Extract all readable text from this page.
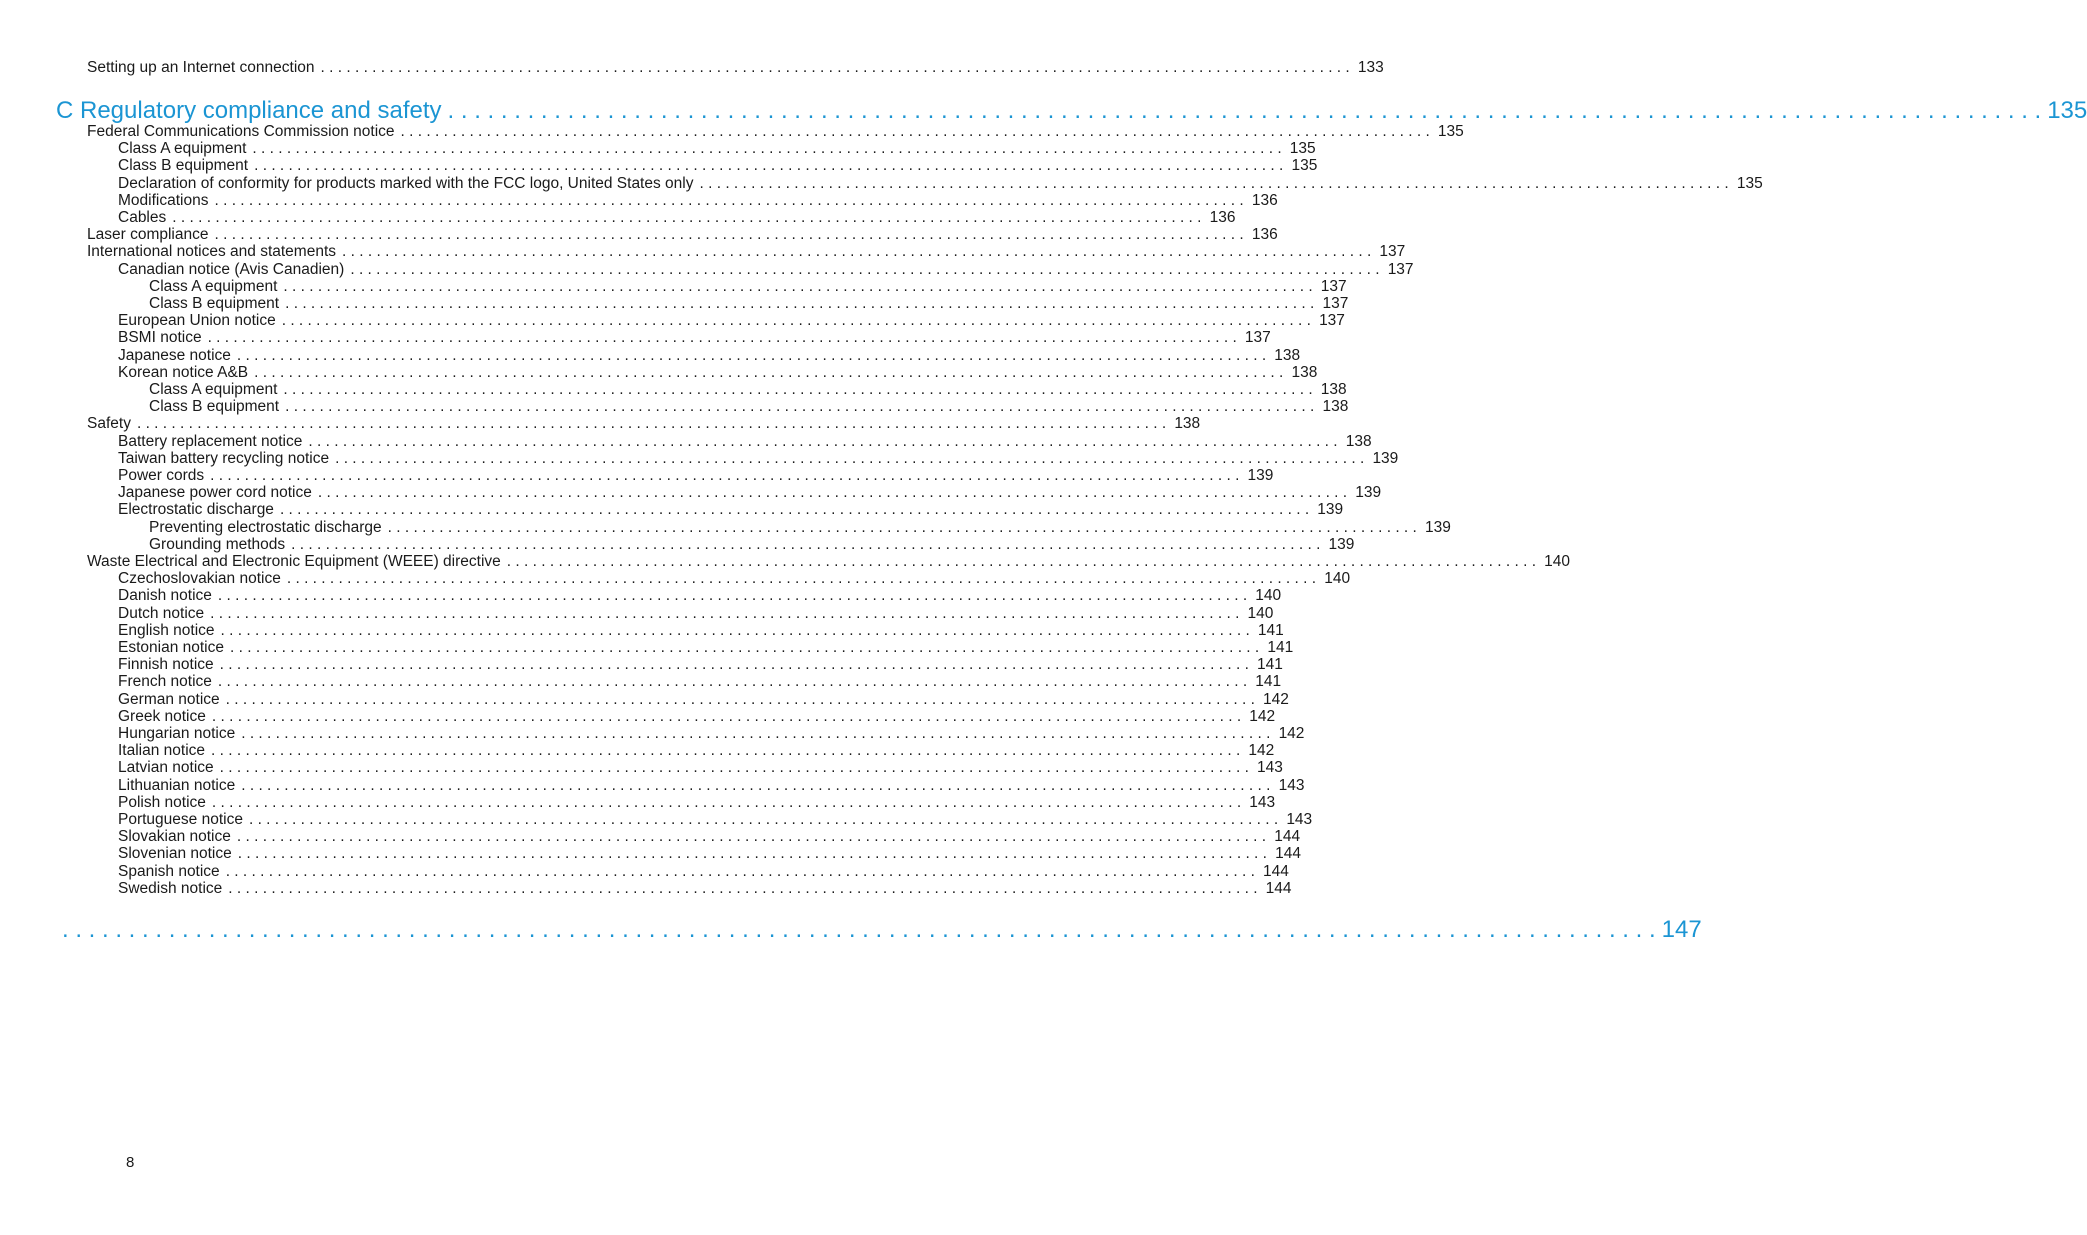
Setting up an Internet connection . . . . . . . . . . . . . . . . . . . . . . . . . . . . . . . . . . . . . . . . . . . . . . . . . . . . . . . . . . . . . . . . . . . . . . . . . . . . . . . . . . . . . . . . . . . . . . . . . . . . . . . . . . . . . . . . . . . . . . . . 133
C Regulatory compliance and safety . . . . . . . . . . . . . . . . . . . . . . . . . . . . . . . . . . . . . . . . . . . . . . . . . . . . . . . . . . . . . . . . . . . . . . . . . . . . . . . . . . . . . . . . . . . . . . . . . . . . . . . . . . . . . . . . . . . . . . . . 135
Federal Communications Commission notice . . . . . . . . . . . . . . . . . . . . . . . . . . . . . . . . . . . . . . . . . . . . . . . . . . . . . . . . . . . . . . . . . . . . . . . . . . . . . . . . . . . . . . . . . . . . . . . . . . . . . . . . . . . . . . . . . . . . . . . . 135
Class A equipment . . . . . . . . . . . . . . . . . . . . . . . . . . . . . . . . . . . . . . . . . . . . . . . . . . . . . . . . . . . . . . . . . . . . . . . . . . . . . . . . . . . . . . . . . . . . . . . . . . . . . . . . . . . . . . . . . . . . . . . . 135
Class B equipment . . . . . . . . . . . . . . . . . . . . . . . . . . . . . . . . . . . . . . . . . . . . . . . . . . . . . . . . . . . . . . . . . . . . . . . . . . . . . . . . . . . . . . . . . . . . . . . . . . . . . . . . . . . . . . . . . . . . . . . . 135
Declaration of conformity for products marked with the FCC logo, United States only . . . . . . . . . . . . . . . . . . . . . . . . . . . . . . . . . . . . . . . . . . . . . . . . . . . . . . . . . . . . . . . . . . . . . . . . . . . . . . . . . . . . . . . . . . . . . . . . . . . . . . . . . . . . . . . . . . . . . . . . 135
Modifications . . . . . . . . . . . . . . . . . . . . . . . . . . . . . . . . . . . . . . . . . . . . . . . . . . . . . . . . . . . . . . . . . . . . . . . . . . . . . . . . . . . . . . . . . . . . . . . . . . . . . . . . . . . . . . . . . . . . . . . . 136
Cables . . . . . . . . . . . . . . . . . . . . . . . . . . . . . . . . . . . . . . . . . . . . . . . . . . . . . . . . . . . . . . . . . . . . . . . . . . . . . . . . . . . . . . . . . . . . . . . . . . . . . . . . . . . . . . . . . . . . . . . . 136
Laser compliance . . . . . . . . . . . . . . . . . . . . . . . . . . . . . . . . . . . . . . . . . . . . . . . . . . . . . . . . . . . . . . . . . . . . . . . . . . . . . . . . . . . . . . . . . . . . . . . . . . . . . . . . . . . . . . . . . . . . . . . . 136
International notices and statements . . . . . . . . . . . . . . . . . . . . . . . . . . . . . . . . . . . . . . . . . . . . . . . . . . . . . . . . . . . . . . . . . . . . . . . . . . . . . . . . . . . . . . . . . . . . . . . . . . . . . . . . . . . . . . . . . . . . . . . . 137
Canadian notice (Avis Canadien) . . . . . . . . . . . . . . . . . . . . . . . . . . . . . . . . . . . . . . . . . . . . . . . . . . . . . . . . . . . . . . . . . . . . . . . . . . . . . . . . . . . . . . . . . . . . . . . . . . . . . . . . . . . . . . . . . . . . . . . . 137
Class A equipment . . . . . . . . . . . . . . . . . . . . . . . . . . . . . . . . . . . . . . . . . . . . . . . . . . . . . . . . . . . . . . . . . . . . . . . . . . . . . . . . . . . . . . . . . . . . . . . . . . . . . . . . . . . . . . . . . . . . . . . . 137
Class B equipment . . . . . . . . . . . . . . . . . . . . . . . . . . . . . . . . . . . . . . . . . . . . . . . . . . . . . . . . . . . . . . . . . . . . . . . . . . . . . . . . . . . . . . . . . . . . . . . . . . . . . . . . . . . . . . . . . . . . . . . . 137
European Union notice . . . . . . . . . . . . . . . . . . . . . . . . . . . . . . . . . . . . . . . . . . . . . . . . . . . . . . . . . . . . . . . . . . . . . . . . . . . . . . . . . . . . . . . . . . . . . . . . . . . . . . . . . . . . . . . . . . . . . . . . 137
BSMI notice . . . . . . . . . . . . . . . . . . . . . . . . . . . . . . . . . . . . . . . . . . . . . . . . . . . . . . . . . . . . . . . . . . . . . . . . . . . . . . . . . . . . . . . . . . . . . . . . . . . . . . . . . . . . . . . . . . . . . . . . 137
Japanese notice . . . . . . . . . . . . . . . . . . . . . . . . . . . . . . . . . . . . . . . . . . . . . . . . . . . . . . . . . . . . . . . . . . . . . . . . . . . . . . . . . . . . . . . . . . . . . . . . . . . . . . . . . . . . . . . . . . . . . . . . 138
Korean notice A&B . . . . . . . . . . . . . . . . . . . . . . . . . . . . . . . . . . . . . . . . . . . . . . . . . . . . . . . . . . . . . . . . . . . . . . . . . . . . . . . . . . . . . . . . . . . . . . . . . . . . . . . . . . . . . . . . . . . . . . . . 138
Class A equipment . . . . . . . . . . . . . . . . . . . . . . . . . . . . . . . . . . . . . . . . . . . . . . . . . . . . . . . . . . . . . . . . . . . . . . . . . . . . . . . . . . . . . . . . . . . . . . . . . . . . . . . . . . . . . . . . . . . . . . . . 138
Class B equipment . . . . . . . . . . . . . . . . . . . . . . . . . . . . . . . . . . . . . . . . . . . . . . . . . . . . . . . . . . . . . . . . . . . . . . . . . . . . . . . . . . . . . . . . . . . . . . . . . . . . . . . . . . . . . . . . . . . . . . . . 138
Safety . . . . . . . . . . . . . . . . . . . . . . . . . . . . . . . . . . . . . . . . . . . . . . . . . . . . . . . . . . . . . . . . . . . . . . . . . . . . . . . . . . . . . . . . . . . . . . . . . . . . . . . . . . . . . . . . . . . . . . . . 138
Battery replacement notice . . . . . . . . . . . . . . . . . . . . . . . . . . . . . . . . . . . . . . . . . . . . . . . . . . . . . . . . . . . . . . . . . . . . . . . . . . . . . . . . . . . . . . . . . . . . . . . . . . . . . . . . . . . . . . . . . . . . . . . . 138
Taiwan battery recycling notice . . . . . . . . . . . . . . . . . . . . . . . . . . . . . . . . . . . . . . . . . . . . . . . . . . . . . . . . . . . . . . . . . . . . . . . . . . . . . . . . . . . . . . . . . . . . . . . . . . . . . . . . . . . . . . . . . . . . . . . . 139
Power cords . . . . . . . . . . . . . . . . . . . . . . . . . . . . . . . . . . . . . . . . . . . . . . . . . . . . . . . . . . . . . . . . . . . . . . . . . . . . . . . . . . . . . . . . . . . . . . . . . . . . . . . . . . . . . . . . . . . . . . . . 139
Japanese power cord notice . . . . . . . . . . . . . . . . . . . . . . . . . . . . . . . . . . . . . . . . . . . . . . . . . . . . . . . . . . . . . . . . . . . . . . . . . . . . . . . . . . . . . . . . . . . . . . . . . . . . . . . . . . . . . . . . . . . . . . . . 139
Electrostatic discharge . . . . . . . . . . . . . . . . . . . . . . . . . . . . . . . . . . . . . . . . . . . . . . . . . . . . . . . . . . . . . . . . . . . . . . . . . . . . . . . . . . . . . . . . . . . . . . . . . . . . . . . . . . . . . . . . . . . . . . . . 139
Preventing electrostatic discharge . . . . . . . . . . . . . . . . . . . . . . . . . . . . . . . . . . . . . . . . . . . . . . . . . . . . . . . . . . . . . . . . . . . . . . . . . . . . . . . . . . . . . . . . . . . . . . . . . . . . . . . . . . . . . . . . . . . . . . . . 139
Grounding methods . . . . . . . . . . . . . . . . . . . . . . . . . . . . . . . . . . . . . . . . . . . . . . . . . . . . . . . . . . . . . . . . . . . . . . . . . . . . . . . . . . . . . . . . . . . . . . . . . . . . . . . . . . . . . . . . . . . . . . . . 139
Waste Electrical and Electronic Equipment (WEEE) directive . . . . . . . . . . . . . . . . . . . . . . . . . . . . . . . . . . . . . . . . . . . . . . . . . . . . . . . . . . . . . . . . . . . . . . . . . . . . . . . . . . . . . . . . . . . . . . . . . . . . . . . . . . . . . . . . . . . . . . . . 140
Czechoslovakian notice . . . . . . . . . . . . . . . . . . . . . . . . . . . . . . . . . . . . . . . . . . . . . . . . . . . . . . . . . . . . . . . . . . . . . . . . . . . . . . . . . . . . . . . . . . . . . . . . . . . . . . . . . . . . . . . . . . . . . . . . 140
Danish notice . . . . . . . . . . . . . . . . . . . . . . . . . . . . . . . . . . . . . . . . . . . . . . . . . . . . . . . . . . . . . . . . . . . . . . . . . . . . . . . . . . . . . . . . . . . . . . . . . . . . . . . . . . . . . . . . . . . . . . . . 140
Dutch notice . . . . . . . . . . . . . . . . . . . . . . . . . . . . . . . . . . . . . . . . . . . . . . . . . . . . . . . . . . . . . . . . . . . . . . . . . . . . . . . . . . . . . . . . . . . . . . . . . . . . . . . . . . . . . . . . . . . . . . . . 140
English notice . . . . . . . . . . . . . . . . . . . . . . . . . . . . . . . . . . . . . . . . . . . . . . . . . . . . . . . . . . . . . . . . . . . . . . . . . . . . . . . . . . . . . . . . . . . . . . . . . . . . . . . . . . . . . . . . . . . . . . . . 141
Estonian notice . . . . . . . . . . . . . . . . . . . . . . . . . . . . . . . . . . . . . . . . . . . . . . . . . . . . . . . . . . . . . . . . . . . . . . . . . . . . . . . . . . . . . . . . . . . . . . . . . . . . . . . . . . . . . . . . . . . . . . . . 141
Finnish notice . . . . . . . . . . . . . . . . . . . . . . . . . . . . . . . . . . . . . . . . . . . . . . . . . . . . . . . . . . . . . . . . . . . . . . . . . . . . . . . . . . . . . . . . . . . . . . . . . . . . . . . . . . . . . . . . . . . . . . . . 141
French notice . . . . . . . . . . . . . . . . . . . . . . . . . . . . . . . . . . . . . . . . . . . . . . . . . . . . . . . . . . . . . . . . . . . . . . . . . . . . . . . . . . . . . . . . . . . . . . . . . . . . . . . . . . . . . . . . . . . . . . . . 141
German notice . . . . . . . . . . . . . . . . . . . . . . . . . . . . . . . . . . . . . . . . . . . . . . . . . . . . . . . . . . . . . . . . . . . . . . . . . . . . . . . . . . . . . . . . . . . . . . . . . . . . . . . . . . . . . . . . . . . . . . . . 142
Greek notice . . . . . . . . . . . . . . . . . . . . . . . . . . . . . . . . . . . . . . . . . . . . . . . . . . . . . . . . . . . . . . . . . . . . . . . . . . . . . . . . . . . . . . . . . . . . . . . . . . . . . . . . . . . . . . . . . . . . . . . . 142
Hungarian notice . . . . . . . . . . . . . . . . . . . . . . . . . . . . . . . . . . . . . . . . . . . . . . . . . . . . . . . . . . . . . . . . . . . . . . . . . . . . . . . . . . . . . . . . . . . . . . . . . . . . . . . . . . . . . . . . . . . . . . . . 142
Italian notice . . . . . . . . . . . . . . . . . . . . . . . . . . . . . . . . . . . . . . . . . . . . . . . . . . . . . . . . . . . . . . . . . . . . . . . . . . . . . . . . . . . . . . . . . . . . . . . . . . . . . . . . . . . . . . . . . . . . . . . . 142
Latvian notice . . . . . . . . . . . . . . . . . . . . . . . . . . . . . . . . . . . . . . . . . . . . . . . . . . . . . . . . . . . . . . . . . . . . . . . . . . . . . . . . . . . . . . . . . . . . . . . . . . . . . . . . . . . . . . . . . . . . . . . . 143
Lithuanian notice . . . . . . . . . . . . . . . . . . . . . . . . . . . . . . . . . . . . . . . . . . . . . . . . . . . . . . . . . . . . . . . . . . . . . . . . . . . . . . . . . . . . . . . . . . . . . . . . . . . . . . . . . . . . . . . . . . . . . . . . 143
Polish notice . . . . . . . . . . . . . . . . . . . . . . . . . . . . . . . . . . . . . . . . . . . . . . . . . . . . . . . . . . . . . . . . . . . . . . . . . . . . . . . . . . . . . . . . . . . . . . . . . . . . . . . . . . . . . . . . . . . . . . . . 143
Portuguese notice . . . . . . . . . . . . . . . . . . . . . . . . . . . . . . . . . . . . . . . . . . . . . . . . . . . . . . . . . . . . . . . . . . . . . . . . . . . . . . . . . . . . . . . . . . . . . . . . . . . . . . . . . . . . . . . . . . . . . . . . 143
Slovakian notice . . . . . . . . . . . . . . . . . . . . . . . . . . . . . . . . . . . . . . . . . . . . . . . . . . . . . . . . . . . . . . . . . . . . . . . . . . . . . . . . . . . . . . . . . . . . . . . . . . . . . . . . . . . . . . . . . . . . . . . . 144
Slovenian notice . . . . . . . . . . . . . . . . . . . . . . . . . . . . . . . . . . . . . . . . . . . . . . . . . . . . . . . . . . . . . . . . . . . . . . . . . . . . . . . . . . . . . . . . . . . . . . . . . . . . . . . . . . . . . . . . . . . . . . . . 144
Spanish notice . . . . . . . . . . . . . . . . . . . . . . . . . . . . . . . . . . . . . . . . . . . . . . . . . . . . . . . . . . . . . . . . . . . . . . . . . . . . . . . . . . . . . . . . . . . . . . . . . . . . . . . . . . . . . . . . . . . . . . . . 144
Swedish notice . . . . . . . . . . . . . . . . . . . . . . . . . . . . . . . . . . . . . . . . . . . . . . . . . . . . . . . . . . . . . . . . . . . . . . . . . . . . . . . . . . . . . . . . . . . . . . . . . . . . . . . . . . . . . . . . . . . . . . . . 144
. . . . . . . . . . . . . . . . . . . . . . . . . . . . . . . . . . . . . . . . . . . . . . . . . . . . . . . . . . . . . . . . . . . . . . . . . . . . . . . . . . . . . . . . . . . . . . . . . . . . . . . . . . . . . . . . . . . . . . . . 147
8
